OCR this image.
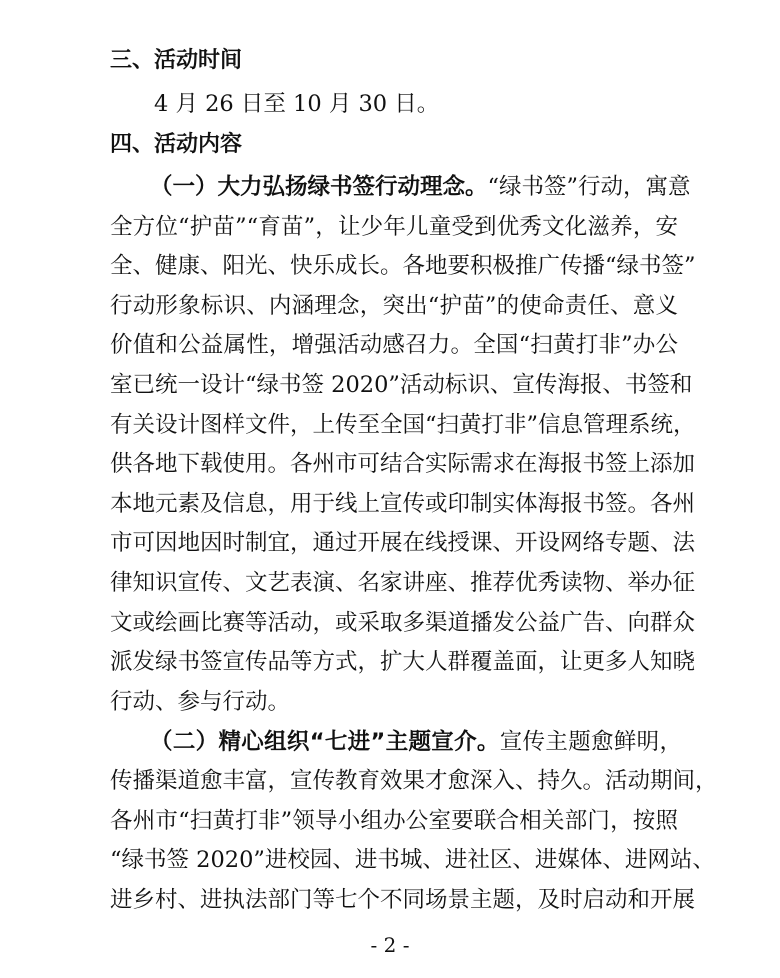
三、活动时间
4 月 26 日至 10 月 30 日。
四、活动内容
（一）大力弘扬绿书签行动理念。“绿书签”行动，寓意
全方位“护苗”“育苗”，让少年儿童受到优秀文化滋养，安
全、健康、阳光、快乐成长。各地要积极推广传播“绿书签”
行动形象标识、内涵理念，突出“护苗”的使命责任、意义
价值和公益属性，增强活动感召力。全国“扫黄打非”办公
室已统一设计“绿书签 2020”活动标识、宣传海报、书签和
有关设计图样文件，上传至全国“扫黄打非”信息管理系统，
供各地下载使用。各州市可结合实际需求在海报书签上添加
本地元素及信息，用于线上宣传或印制实体海报书签。各州
市可因地因时制宜，通过开展在线授课、开设网络专题、法
律知识宣传、文艺表演、名家讲座、推荐优秀读物、举办征
文或绘画比赛等活动，或采取多渠道播发公益广告、向群众
派发绿书签宣传品等方式，扩大人群覆盖面，让更多人知晓
行动、参与行动。
（二）精心组织“七进”主题宣介。宣传主题愈鲜明，
传播渠道愈丰富，宣传教育效果才愈深入、持久。活动期间，
各州市“扫黄打非”领导小组办公室要联合相关部门，按照
“绿书签 2020”进校园、进书城、进社区、进媒体、进网站、
进乡村、进执法部门等七个不同场景主题，及时启动和开展
- 2 -
